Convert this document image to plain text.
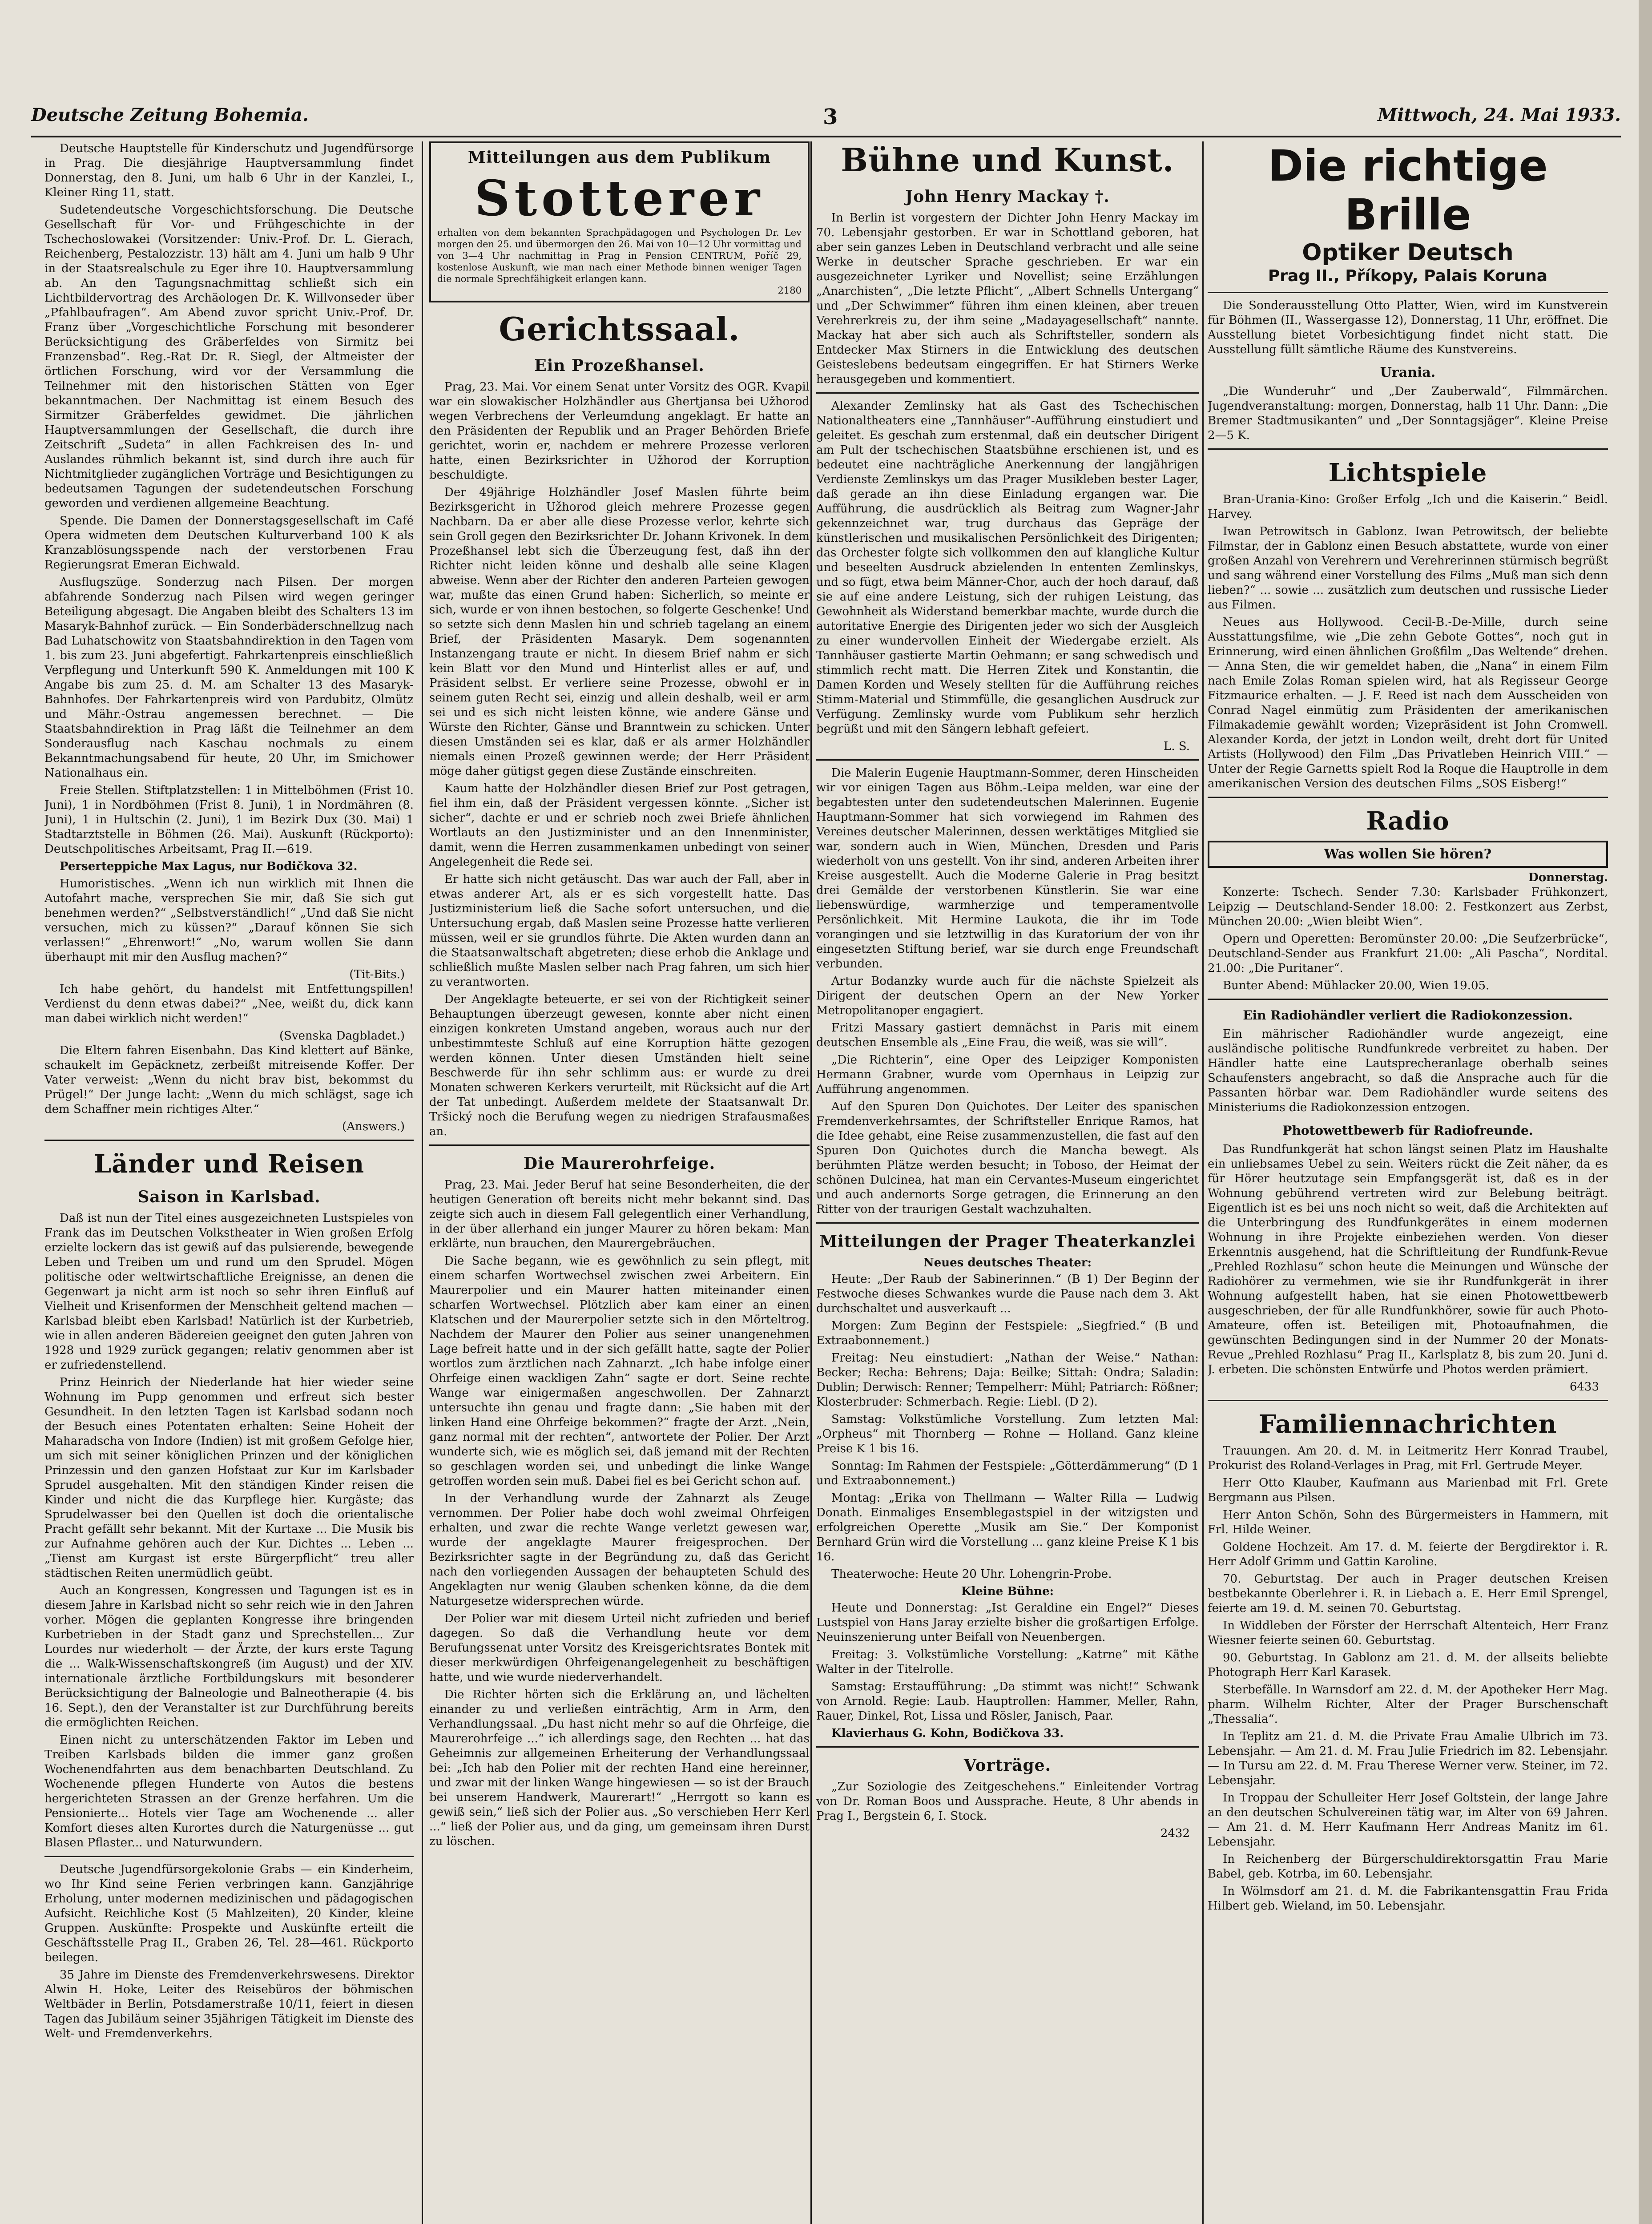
Deutsche Zeitung Bohemia.	3	Mittwoch, 24. Mai 1933.

Deutsche Hauptstelle für Kinderschutz und Jugendfürsorge in Prag. Die diesjährige Hauptversammlung findet Donnerstag, den 8. Juni, um halb 6 Uhr in der Kanzlei, I., Kleiner Ring 11, statt.

Sudetendeutsche Vorgeschichtsforschung. Die Deutsche Gesellschaft für Vor- und Frühgeschichte in der Tschechoslowakei (Vorsitzender: Univ.-Prof. Dr. L. Gierach, Reichenberg, Pestalozzistr. 13) hält am 4. Juni um halb 9 Uhr in der Staatsrealschule zu Eger ihre 10. Hauptversammlung ab. An den Tagungsnachmittag schließt sich ein Lichtbildervortrag des Archäologen Dr. K. Willvonseder über „Pfahlbaufragen“. Am Abend zuvor spricht Univ.-Prof. Dr. Franz über „Vorgeschichtliche Forschung mit besonderer Berücksichtigung des Gräberfeldes von Sirmitz bei Franzensbad“. Reg.-Rat Dr. R. Siegl, der Altmeister der örtlichen Forschung, wird vor der Versammlung die Teilnehmer mit den historischen Stätten von Eger bekanntmachen. Der Nachmittag ist einem Besuch des Sirmitzer Gräberfeldes gewidmet. Die jährlichen Hauptversammlungen der Gesellschaft, die durch ihre Zeitschrift „Sudeta“ in allen Fachkreisen des In- und Auslandes rühmlich bekannt ist, sind durch ihre auch für Nichtmitglieder zugänglichen Vorträge und Besichtigungen zu bedeutsamen Tagungen der sudetendeutschen Forschung geworden und verdienen allgemeine Beachtung.

Spende. Die Damen der Donnerstagsgesellschaft im Café Opera widmeten dem Deutschen Kulturverband 100 K als Kranzablösungsspende nach der verstorbenen Frau Regierungsrat Emeran Eichwald.

Ausflugszüge. Sonderzug nach Pilsen. Der morgen abfahrende Sonderzug nach Pilsen wird wegen geringer Beteiligung abgesagt. Die Angaben bleibt des Schalters 13 im Masaryk-Bahnhof zurück. — Ein Sonderbäderschnellzug nach Bad Luhatschowitz von Staatsbahndirektion in den Tagen vom 1. bis zum 23. Juni abgefertigt. Fahrkartenpreis einschließlich Verpflegung und Unterkunft 590 K. Anmeldungen mit 100 K Angabe bis zum 25. d. M. am Schalter 13 des Masaryk-Bahnhofes. Der Fahrkartenpreis wird von Pardubitz, Olmütz und Mähr.-Ostrau angemessen berechnet. — Die Staatsbahndirektion in Prag läßt die Teilnehmer an dem Sonderausflug nach Kaschau nochmals zu einem Bekanntmachungsabend für heute, 20 Uhr, im Smichower Nationalhaus ein.

Freie Stellen. Stiftplatzstellen: 1 in Mittelböhmen (Frist 10. Juni), 1 in Nordböhmen (Frist 8. Juni), 1 in Nordmähren (8. Juni), 1 in Hultschin (2. Juni), 1 im Bezirk Dux (30. Mai) 1 Stadtarztstelle in Böhmen (26. Mai). Auskunft (Rückporto): Deutschpolitisches Arbeitsamt, Prag II.—619.

Perserteppiche Max Lagus, nur Bodičkova 32.

Humoristisches. „Wenn ich nun wirklich mit Ihnen die Autofahrt mache, versprechen Sie mir, daß Sie sich gut benehmen werden?“ „Selbstverständlich!“ „Und daß Sie nicht versuchen, mich zu küssen?“ „Darauf können Sie sich verlassen!“ „Ehrenwort!“ „No, warum wollen Sie dann überhaupt mit mir den Ausflug machen?“

(Tit-Bits.)

Ich habe gehört, du handelst mit Entfettungspillen! Verdienst du denn etwas dabei?“ „Nee, weißt du, dick kann man dabei wirklich nicht werden!“

(Svenska Dagbladet.)

Die Eltern fahren Eisenbahn. Das Kind klettert auf Bänke, schaukelt im Gepäcknetz, zerbeißt mitreisende Koffer. Der Vater verweist: „Wenn du nicht brav bist, bekommst du Prügel!“ Der Junge lacht: „Wenn du mich schlägst, sage ich dem Schaffner mein richtiges Alter.“

(Answers.)
Länder und Reisen
Saison in Karlsbad.

Daß ist nun der Titel eines ausgezeichneten Lustspieles von Frank das im Deutschen Volkstheater in Wien großen Erfolg erzielte lockern das ist gewiß auf das pulsierende, bewegende Leben und Treiben um und rund um den Sprudel. Mögen politische oder weltwirtschaftliche Ereignisse, an denen die Gegenwart ja nicht arm ist noch so sehr ihren Einfluß auf Vielheit und Krisenformen der Menschheit geltend machen — Karlsbad bleibt eben Karlsbad! Natürlich ist der Kurbetrieb, wie in allen anderen Bädereien geeignet den guten Jahren von 1928 und 1929 zurück gegangen; relativ genommen aber ist er zufriedenstellend.

Prinz Heinrich der Niederlande hat hier wieder seine Wohnung im Pupp genommen und erfreut sich bester Gesundheit. In den letzten Tagen ist Karlsbad sodann noch der Besuch eines Potentaten erhalten: Seine Hoheit der Maharadscha von Indore (Indien) ist mit großem Gefolge hier, um sich mit seiner königlichen Prinzen und der königlichen Prinzessin und den ganzen Hofstaat zur Kur im Karlsbader Sprudel ausgehalten. Mit den ständigen Kinder reisen die Kinder und nicht die das Kurpflege hier. Kurgäste; das Sprudelwasser bei den Quellen ist doch die orientalische Pracht gefällt sehr bekannt. Mit der Kurtaxe ... Die Musik bis zur Aufnahme gehören auch der Kur. Dichtes ... Leben ... „Tienst am Kurgast ist erste Bürgerpflicht“ treu aller städtischen Reiten unermüdlich geübt.

Auch an Kongressen, Kongressen und Tagungen ist es in diesem Jahre in Karlsbad nicht so sehr reich wie in den Jahren vorher. Mögen die geplanten Kongresse ihre bringenden Kurbetrieben in der Stadt ganz und Sprechstellen... Zur Lourdes nur wiederholt — der Ärzte, der kurs erste Tagung die ... Walk-Wissenschaftskongreß (im August) und der XIV. internationale ärztliche Fortbildungskurs mit besonderer Berücksichtigung der Balneologie und Balneotherapie (4. bis 16. Sept.), den der Veranstalter ist zur Durchführung bereits die ermöglichten Reichen.

Einen nicht zu unterschätzenden Faktor im Leben und Treiben Karlsbads bilden die immer ganz großen Wochenendfahrten aus dem benachbarten Deutschland. Zu Wochenende pflegen Hunderte von Autos die bestens hergerichteten Strassen an der Grenze herfahren. Um die Pensionierte... Hotels vier Tage am Wochenende ... aller Komfort dieses alten Kurortes durch die Naturgenüsse ... gut Blasen Pflaster... und Naturwundern.

Deutsche Jugendfürsorgekolonie Grabs — ein Kinderheim, wo Ihr Kind seine Ferien verbringen kann. Ganzjährige Erholung, unter modernen medizinischen und pädagogischen Aufsicht. Reichliche Kost (5 Mahlzeiten), 20 Kinder, kleine Gruppen. Auskünfte: Prospekte und Auskünfte erteilt die Geschäftsstelle Prag II., Graben 26, Tel. 28—461. Rückporto beilegen.

35 Jahre im Dienste des Fremdenverkehrswesens. Direktor Alwin H. Hoke, Leiter des Reisebüros der böhmischen Weltbäder in Berlin, Potsdamerstraße 10/11, feiert in diesen Tagen das Jubiläum seiner 35jährigen Tätigkeit im Dienste des Welt- und Fremdenverkehrs.

Mitteilungen aus dem Publikum
Stotterer
erhalten von dem bekannten Sprachpädagogen und Psychologen Dr. Lev morgen den 25. und übermorgen den 26. Mai von 10—12 Uhr vormittag und von 3—4 Uhr nachmittag in Prag in Pension CENTRUM, Poříč 29, kostenlose Auskunft, wie man nach einer Methode binnen weniger Tagen die normale Sprechfähigkeit erlangen kann.
2180
Gerichtssaal.
Ein Prozeßhansel.

Prag, 23. Mai. Vor einem Senat unter Vorsitz des OGR. Kvapil war ein slowakischer Holzhändler aus Ghertjansa bei Užhorod wegen Verbrechens der Verleumdung angeklagt. Er hatte an den Präsidenten der Republik und an Prager Behörden Briefe gerichtet, worin er, nachdem er mehrere Prozesse verloren hatte, einen Bezirksrichter in Užhorod der Korruption beschuldigte.

Der 49jährige Holzhändler Josef Maslen führte beim Bezirksgericht in Užhorod gleich mehrere Prozesse gegen Nachbarn. Da er aber alle diese Prozesse verlor, kehrte sich sein Groll gegen den Bezirksrichter Dr. Johann Krivonek. In dem Prozeßhansel lebt sich die Überzeugung fest, daß ihn der Richter nicht leiden könne und deshalb alle seine Klagen abweise. Wenn aber der Richter den anderen Parteien gewogen war, mußte das einen Grund haben: Sicherlich, so meinte er sich, wurde er von ihnen bestochen, so folgerte Geschenke! Und so setzte sich denn Maslen hin und schrieb tagelang an einem Brief, der Präsidenten Masaryk. Dem sogenannten Instanzengang traute er nicht. In diesem Brief nahm er sich kein Blatt vor den Mund und Hinterlist alles er auf, und Präsident selbst. Er verliere seine Prozesse, obwohl er in seinem guten Recht sei, einzig und allein deshalb, weil er arm sei und es sich nicht leisten könne, wie andere Gänse und Würste den Richter, Gänse und Branntwein zu schicken. Unter diesen Umständen sei es klar, daß er als armer Holzhändler niemals einen Prozeß gewinnen werde; der Herr Präsident möge daher gütigst gegen diese Zustände einschreiten.

Kaum hatte der Holzhändler diesen Brief zur Post getragen, fiel ihm ein, daß der Präsident vergessen könnte. „Sicher ist sicher“, dachte er und er schrieb noch zwei Briefe ähnlichen Wortlauts an den Justizminister und an den Innenminister, damit, wenn die Herren zusammenkamen unbedingt von seiner Angelegenheit die Rede sei.

Er hatte sich nicht getäuscht. Das war auch der Fall, aber in etwas anderer Art, als er es sich vorgestellt hatte. Das Justizministerium ließ die Sache sofort untersuchen, und die Untersuchung ergab, daß Maslen seine Prozesse hatte verlieren müssen, weil er sie grundlos führte. Die Akten wurden dann an die Staatsanwaltschaft abgetreten; diese erhob die Anklage und schließlich mußte Maslen selber nach Prag fahren, um sich hier zu verantworten.

Der Angeklagte beteuerte, er sei von der Richtigkeit seiner Behauptungen überzeugt gewesen, konnte aber nicht einen einzigen konkreten Umstand angeben, woraus auch nur der unbestimmteste Schluß auf eine Korruption hätte gezogen werden können. Unter diesen Umständen hielt seine Beschwerde für ihn sehr schlimm aus: er wurde zu drei Monaten schweren Kerkers verurteilt, mit Rücksicht auf die Art der Tat unbedingt. Außerdem meldete der Staatsanwalt Dr. Tršický noch die Berufung wegen zu niedrigen Strafausmaßes an.

Die Maurerohrfeige.

Prag, 23. Mai. Jeder Beruf hat seine Besonderheiten, die der heutigen Generation oft bereits nicht mehr bekannt sind. Das zeigte sich auch in diesem Fall gelegentlich einer Verhandlung, in der über allerhand ein junger Maurer zu hören bekam: Man erklärte, nun brauchen, den Maurergebräuchen.

Die Sache begann, wie es gewöhnlich zu sein pflegt, mit einem scharfen Wortwechsel zwischen zwei Arbeitern. Ein Maurerpolier und ein Maurer hatten miteinander einen scharfen Wortwechsel. Plötzlich aber kam einer an einen Klatschen und der Maurerpolier setzte sich in den Mörteltrog. Nachdem der Maurer den Polier aus seiner unangenehmen Lage befreit hatte und in der sich gefällt hatte, sagte der Polier wortlos zum ärztlichen nach Zahnarzt. „Ich habe infolge einer Ohrfeige einen wackligen Zahn“ sagte er dort. Seine rechte Wange war einigermaßen angeschwollen. Der Zahnarzt untersuchte ihn genau und fragte dann: „Sie haben mit der linken Hand eine Ohrfeige bekommen?“ fragte der Arzt. „Nein, ganz normal mit der rechten“, antwortete der Polier. Der Arzt wunderte sich, wie es möglich sei, daß jemand mit der Rechten so geschlagen worden sei, und unbedingt die linke Wange getroffen worden sein muß. Dabei fiel es bei Gericht schon auf.

In der Verhandlung wurde der Zahnarzt als Zeuge vernommen. Der Polier habe doch wohl zweimal Ohrfeigen erhalten, und zwar die rechte Wange verletzt gewesen war, wurde der angeklagte Maurer freigesprochen. Der Bezirksrichter sagte in der Begründung zu, daß das Gericht nach den vorliegenden Aussagen der behaupteten Schuld des Angeklagten nur wenig Glauben schenken könne, da die dem Naturgesetze widersprechen würde.

Der Polier war mit diesem Urteil nicht zufrieden und berief dagegen. So daß die Verhandlung heute vor dem Berufungssenat unter Vorsitz des Kreisgerichtsrates Bontek mit dieser merkwürdigen Ohrfeigenangelegenheit zu beschäftigen hatte, und wie wurde niederverhandelt.

Die Richter hörten sich die Erklärung an, und lächelten einander zu und verließen einträchtig, Arm in Arm, den Verhandlungssaal. „Du hast nicht mehr so auf die Ohrfeige, die Maurerohrfeige ...“ ich allerdings sage, den Rechten ... hat das Geheimnis zur allgemeinen Erheiterung der Verhandlungssaal bei: „Ich hab den Polier mit der rechten Hand eine hereinner, und zwar mit der linken Wange hingewiesen — so ist der Brauch bei unserem Handwerk, Maurerart!“ „Herrgott so kann es gewiß sein,“ ließ sich der Polier aus. „So verschieben Herr Kerl ...“ ließ der Polier aus, und da ging, um gemeinsam ihren Durst zu löschen.

Bühne und Kunst.
John Henry Mackay †.

In Berlin ist vorgestern der Dichter John Henry Mackay im 70. Lebensjahr gestorben. Er war in Schottland geboren, hat aber sein ganzes Leben in Deutschland verbracht und alle seine Werke in deutscher Sprache geschrieben. Er war ein ausgezeichneter Lyriker und Novellist; seine Erzählungen „Anarchisten“, „Die letzte Pflicht“, „Albert Schnells Untergang“ und „Der Schwimmer“ führen ihm einen kleinen, aber treuen Verehrerkreis zu, der ihm seine „Madayagesellschaft“ nannte. Mackay hat aber sich auch als Schriftsteller, sondern als Entdecker Max Stirners in die Entwicklung des deutschen Geisteslebens bedeutsam eingegriffen. Er hat Stirners Werke herausgegeben und kommentiert.

Alexander Zemlinsky hat als Gast des Tschechischen Nationaltheaters eine „Tannhäuser“-Aufführung einstudiert und geleitet. Es geschah zum erstenmal, daß ein deutscher Dirigent am Pult der tschechischen Staatsbühne erschienen ist, und es bedeutet eine nachträgliche Anerkennung der langjährigen Verdienste Zemlinskys um das Prager Musikleben bester Lager, daß gerade an ihn diese Einladung ergangen war. Die Aufführung, die ausdrücklich als Beitrag zum Wagner-Jahr gekennzeichnet war, trug durchaus das Gepräge der künstlerischen und musikalischen Persönlichkeit des Dirigenten; das Orchester folgte sich vollkommen den auf klangliche Kultur und beseelten Ausdruck abzielenden In ententen Zemlinskys, und so fügt, etwa beim Männer-Chor, auch der hoch darauf, daß sie auf eine andere Leistung, sich der ruhigen Leistung, das Gewohnheit als Widerstand bemerkbar machte, wurde durch die autoritative Energie des Dirigenten jeder wo sich der Ausgleich zu einer wundervollen Einheit der Wiedergabe erzielt. Als Tannhäuser gastierte Martin Oehmann; er sang schwedisch und stimmlich recht matt. Die Herren Zitek und Konstantin, die Damen Korden und Wesely stellten für die Aufführung reiches Stimm-Material und Stimmfülle, die gesanglichen Ausdruck zur Verfügung. Zemlinsky wurde vom Publikum sehr herzlich begrüßt und mit den Sängern lebhaft gefeiert.

L. S.

Die Malerin Eugenie Hauptmann-Sommer, deren Hinscheiden wir vor einigen Tagen aus Böhm.-Leipa melden, war eine der begabtesten unter den sudetendeutschen Malerinnen. Eugenie Hauptmann-Sommer hat sich vorwiegend im Rahmen des Vereines deutscher Malerinnen, dessen werktätiges Mitglied sie war, sondern auch in Wien, München, Dresden und Paris wiederholt von uns gestellt. Von ihr sind, anderen Arbeiten ihrer Kreise ausgestellt. Auch die Moderne Galerie in Prag besitzt drei Gemälde der verstorbenen Künstlerin. Sie war eine liebenswürdige, warmherzige und temperamentvolle Persönlichkeit. Mit Hermine Laukota, die ihr im Tode vorangingen und sie letztwillig in das Kuratorium der von ihr eingesetzten Stiftung berief, war sie durch enge Freundschaft verbunden.

Artur Bodanzky wurde auch für die nächste Spielzeit als Dirigent der deutschen Opern an der New Yorker Metropolitanoper engagiert.

Fritzi Massary gastiert demnächst in Paris mit einem deutschen Ensemble als „Eine Frau, die weiß, was sie will“.

„Die Richterin“, eine Oper des Leipziger Komponisten Hermann Grabner, wurde vom Opernhaus in Leipzig zur Aufführung angenommen.

Auf den Spuren Don Quichotes. Der Leiter des spanischen Fremdenverkehrsamtes, der Schriftsteller Enrique Ramos, hat die Idee gehabt, eine Reise zusammenzustellen, die fast auf den Spuren Don Quichotes durch die Mancha bewegt. Als berühmten Plätze werden besucht; in Toboso, der Heimat der schönen Dulcinea, hat man ein Cervantes-Museum eingerichtet und auch andernorts Sorge getragen, die Erinnerung an den Ritter von der traurigen Gestalt wachzuhalten.

Mitteilungen der Prager Theaterkanzlei
Neues deutsches Theater:

Heute: „Der Raub der Sabinerinnen.“ (B 1) Der Beginn der Festwoche dieses Schwankes wurde die Pause nach dem 3. Akt durchschaltet und ausverkauft ...

Morgen: Zum Beginn der Festspiele: „Siegfried.“ (B und Extraabonnement.)

Freitag: Neu einstudiert: „Nathan der Weise.“ Nathan: Becker; Recha: Behrens; Daja: Beilke; Sittah: Ondra; Saladin: Dublin; Derwisch: Renner; Tempelherr: Mühl; Patriarch: Rößner; Klosterbruder: Schmerbach. Regie: Liebl. (D 2).

Samstag: Volkstümliche Vorstellung. Zum letzten Mal: „Orpheus“ mit Thornberg — Rohne — Holland. Ganz kleine Preise K 1 bis 16.

Sonntag: Im Rahmen der Festspiele: „Götterdämmerung“ (D 1 und Extraabonnement.)

Montag: „Erika von Thellmann — Walter Rilla — Ludwig Donath. Einmaliges Ensemblegastspiel in der witzigsten und erfolgreichen Operette „Musik am Sie.“ Der Komponist Bernhard Grün wird die Vorstellung ... ganz kleine Preise K 1 bis 16.

Theaterwoche: Heute 20 Uhr. Lohengrin-Probe.

Kleine Bühne:

Heute und Donnerstag: „Ist Geraldine ein Engel?“ Dieses Lustspiel von Hans Jaray erzielte bisher die großartigen Erfolge. Neuinszenierung unter Beifall von Neuenbergen.

Freitag: 3. Volkstümliche Vorstellung: „Katrne“ mit Käthe Walter in der Titelrolle.

Samstag: Erstaufführung: „Da stimmt was nicht!“ Schwank von Arnold. Regie: Laub. Hauptrollen: Hammer, Meller, Rahn, Rauer, Dinkel, Rot, Lissa und Rösler, Janisch, Paar.

Klavierhaus G. Kohn, Bodičkova 33.

Vorträge.

„Zur Soziologie des Zeitgeschehens.“ Einleitender Vortrag von Dr. Roman Boos und Aussprache. Heute, 8 Uhr abends in Prag I., Bergstein 6, I. Stock.

2432
Die richtige Brille
Optiker Deutsch
Prag II., Příkopy, Palais Koruna

Die Sonderausstellung Otto Platter, Wien, wird im Kunstverein für Böhmen (II., Wassergasse 12), Donnerstag, 11 Uhr, eröffnet. Die Ausstellung bietet Vorbesichtigung findet nicht statt. Die Ausstellung füllt sämtliche Räume des Kunstvereins.

Urania.

„Die Wunderuhr“ und „Der Zauberwald“, Filmmärchen. Jugendveranstaltung: morgen, Donnerstag, halb 11 Uhr. Dann: „Die Bremer Stadtmusikanten“ und „Der Sonntagsjäger“. Kleine Preise 2—5 K.

Lichtspiele

Bran-Urania-Kino: Großer Erfolg „Ich und die Kaiserin.“ Beidl. Harvey.

Iwan Petrowitsch in Gablonz. Iwan Petrowitsch, der beliebte Filmstar, der in Gablonz einen Besuch abstattete, wurde von einer großen Anzahl von Verehrern und Verehrerinnen stürmisch begrüßt und sang während einer Vorstellung des Films „Muß man sich denn lieben?“ ... sowie ... zusätzlich zum deutschen und russische Lieder aus Filmen.

Neues aus Hollywood. Cecil-B.-De-Mille, durch seine Ausstattungsfilme, wie „Die zehn Gebote Gottes“, noch gut in Erinnerung, wird einen ähnlichen Großfilm „Das Weltende“ drehen. — Anna Sten, die wir gemeldet haben, die „Nana“ in einem Film nach Emile Zolas Roman spielen wird, hat als Regisseur George Fitzmaurice erhalten. — J. F. Reed ist nach dem Ausscheiden von Conrad Nagel einmütig zum Präsidenten der amerikanischen Filmakademie gewählt worden; Vizepräsident ist John Cromwell. Alexander Korda, der jetzt in London weilt, dreht dort für United Artists (Hollywood) den Film „Das Privatleben Heinrich VIII.“ — Unter der Regie Garnetts spielt Rod la Roque die Hauptrolle in dem amerikanischen Version des deutschen Films „SOS Eisberg!“

Radio
Was wollen Sie hören?
Donnerstag.

Konzerte: Tschech. Sender 7.30: Karlsbader Frühkonzert, Leipzig — Deutschland-Sender 18.00: 2. Festkonzert aus Zerbst, München 20.00: „Wien bleibt Wien“.

Opern und Operetten: Beromünster 20.00: „Die Seufzerbrücke“, Deutschland-Sender aus Frankfurt 21.00: „Ali Pascha“, Nordital. 21.00: „Die Puritaner“.

Bunter Abend: Mühlacker 20.00, Wien 19.05.

Ein Radiohändler verliert die Radiokonzession.

Ein mährischer Radiohändler wurde angezeigt, eine ausländische politische Rundfunkrede verbreitet zu haben. Der Händler hatte eine Lautsprecheranlage oberhalb seines Schaufensters angebracht, so daß die Ansprache auch für die Passanten hörbar war. Dem Radiohändler wurde seitens des Ministeriums die Radiokonzession entzogen.

Photowettbewerb für Radiofreunde.

Das Rundfunkgerät hat schon längst seinen Platz im Haushalte ein unliebsames Uebel zu sein. Weiters rückt die Zeit näher, da es für Hörer heutzutage sein Empfangsgerät ist, daß es in der Wohnung gebührend vertreten wird zur Belebung beiträgt. Eigentlich ist es bei uns noch nicht so weit, daß die Architekten auf die Unterbringung des Rundfunkgerätes in einem modernen Wohnung in ihre Projekte einbeziehen werden. Von dieser Erkenntnis ausgehend, hat die Schriftleitung der Rundfunk-Revue „Prehled Rozhlasu“ schon heute die Meinungen und Wünsche der Radiohörer zu vermehmen, wie sie ihr Rundfunkgerät in ihrer Wohnung aufgestellt haben, hat sie einen Photowettbewerb ausgeschrieben, der für alle Rundfunkhörer, sowie für auch Photo-Amateure, offen ist. Beteiligen mit, Photoaufnahmen, die gewünschten Bedingungen sind in der Nummer 20 der Monats-Revue „Prehled Rozhlasu“ Prag II., Karlsplatz 8, bis zum 20. Juni d. J. erbeten. Die schönsten Entwürfe und Photos werden prämiert.

6433
Familiennachrichten

Trauungen. Am 20. d. M. in Leitmeritz Herr Konrad Traubel, Prokurist des Roland-Verlages in Prag, mit Frl. Gertrude Meyer.

Herr Otto Klauber, Kaufmann aus Marienbad mit Frl. Grete Bergmann aus Pilsen.

Herr Anton Schön, Sohn des Bürgermeisters in Hammern, mit Frl. Hilde Weiner.

Goldene Hochzeit. Am 17. d. M. feierte der Bergdirektor i. R. Herr Adolf Grimm und Gattin Karoline.

70. Geburtstag. Der auch in Prager deutschen Kreisen bestbekannte Oberlehrer i. R. in Liebach a. E. Herr Emil Sprengel, feierte am 19. d. M. seinen 70. Geburtstag.

In Widdleben der Förster der Herrschaft Altenteich, Herr Franz Wiesner feierte seinen 60. Geburtstag.

90. Geburtstag. In Gablonz am 21. d. M. der allseits beliebte Photograph Herr Karl Karasek.

Sterbefälle. In Warnsdorf am 22. d. M. der Apotheker Herr Mag. pharm. Wilhelm Richter, Alter der Prager Burschenschaft „Thessalia“.

In Teplitz am 21. d. M. die Private Frau Amalie Ulbrich im 73. Lebensjahr. — Am 21. d. M. Frau Julie Friedrich im 82. Lebensjahr. — In Tursu am 22. d. M. Frau Therese Werner verw. Steiner, im 72. Lebensjahr.

In Troppau der Schulleiter Herr Josef Goltstein, der lange Jahre an den deutschen Schulvereinen tätig war, im Alter von 69 Jahren. — Am 21. d. M. Herr Kaufmann Herr Andreas Manitz im 61. Lebensjahr.

In Reichenberg der Bürgerschuldirektorsgattin Frau Marie Babel, geb. Kotrba, im 60. Lebensjahr.

In Wölmsdorf am 21. d. M. die Fabrikantensgattin Frau Frida Hilbert geb. Wieland, im 50. Lebensjahr.
